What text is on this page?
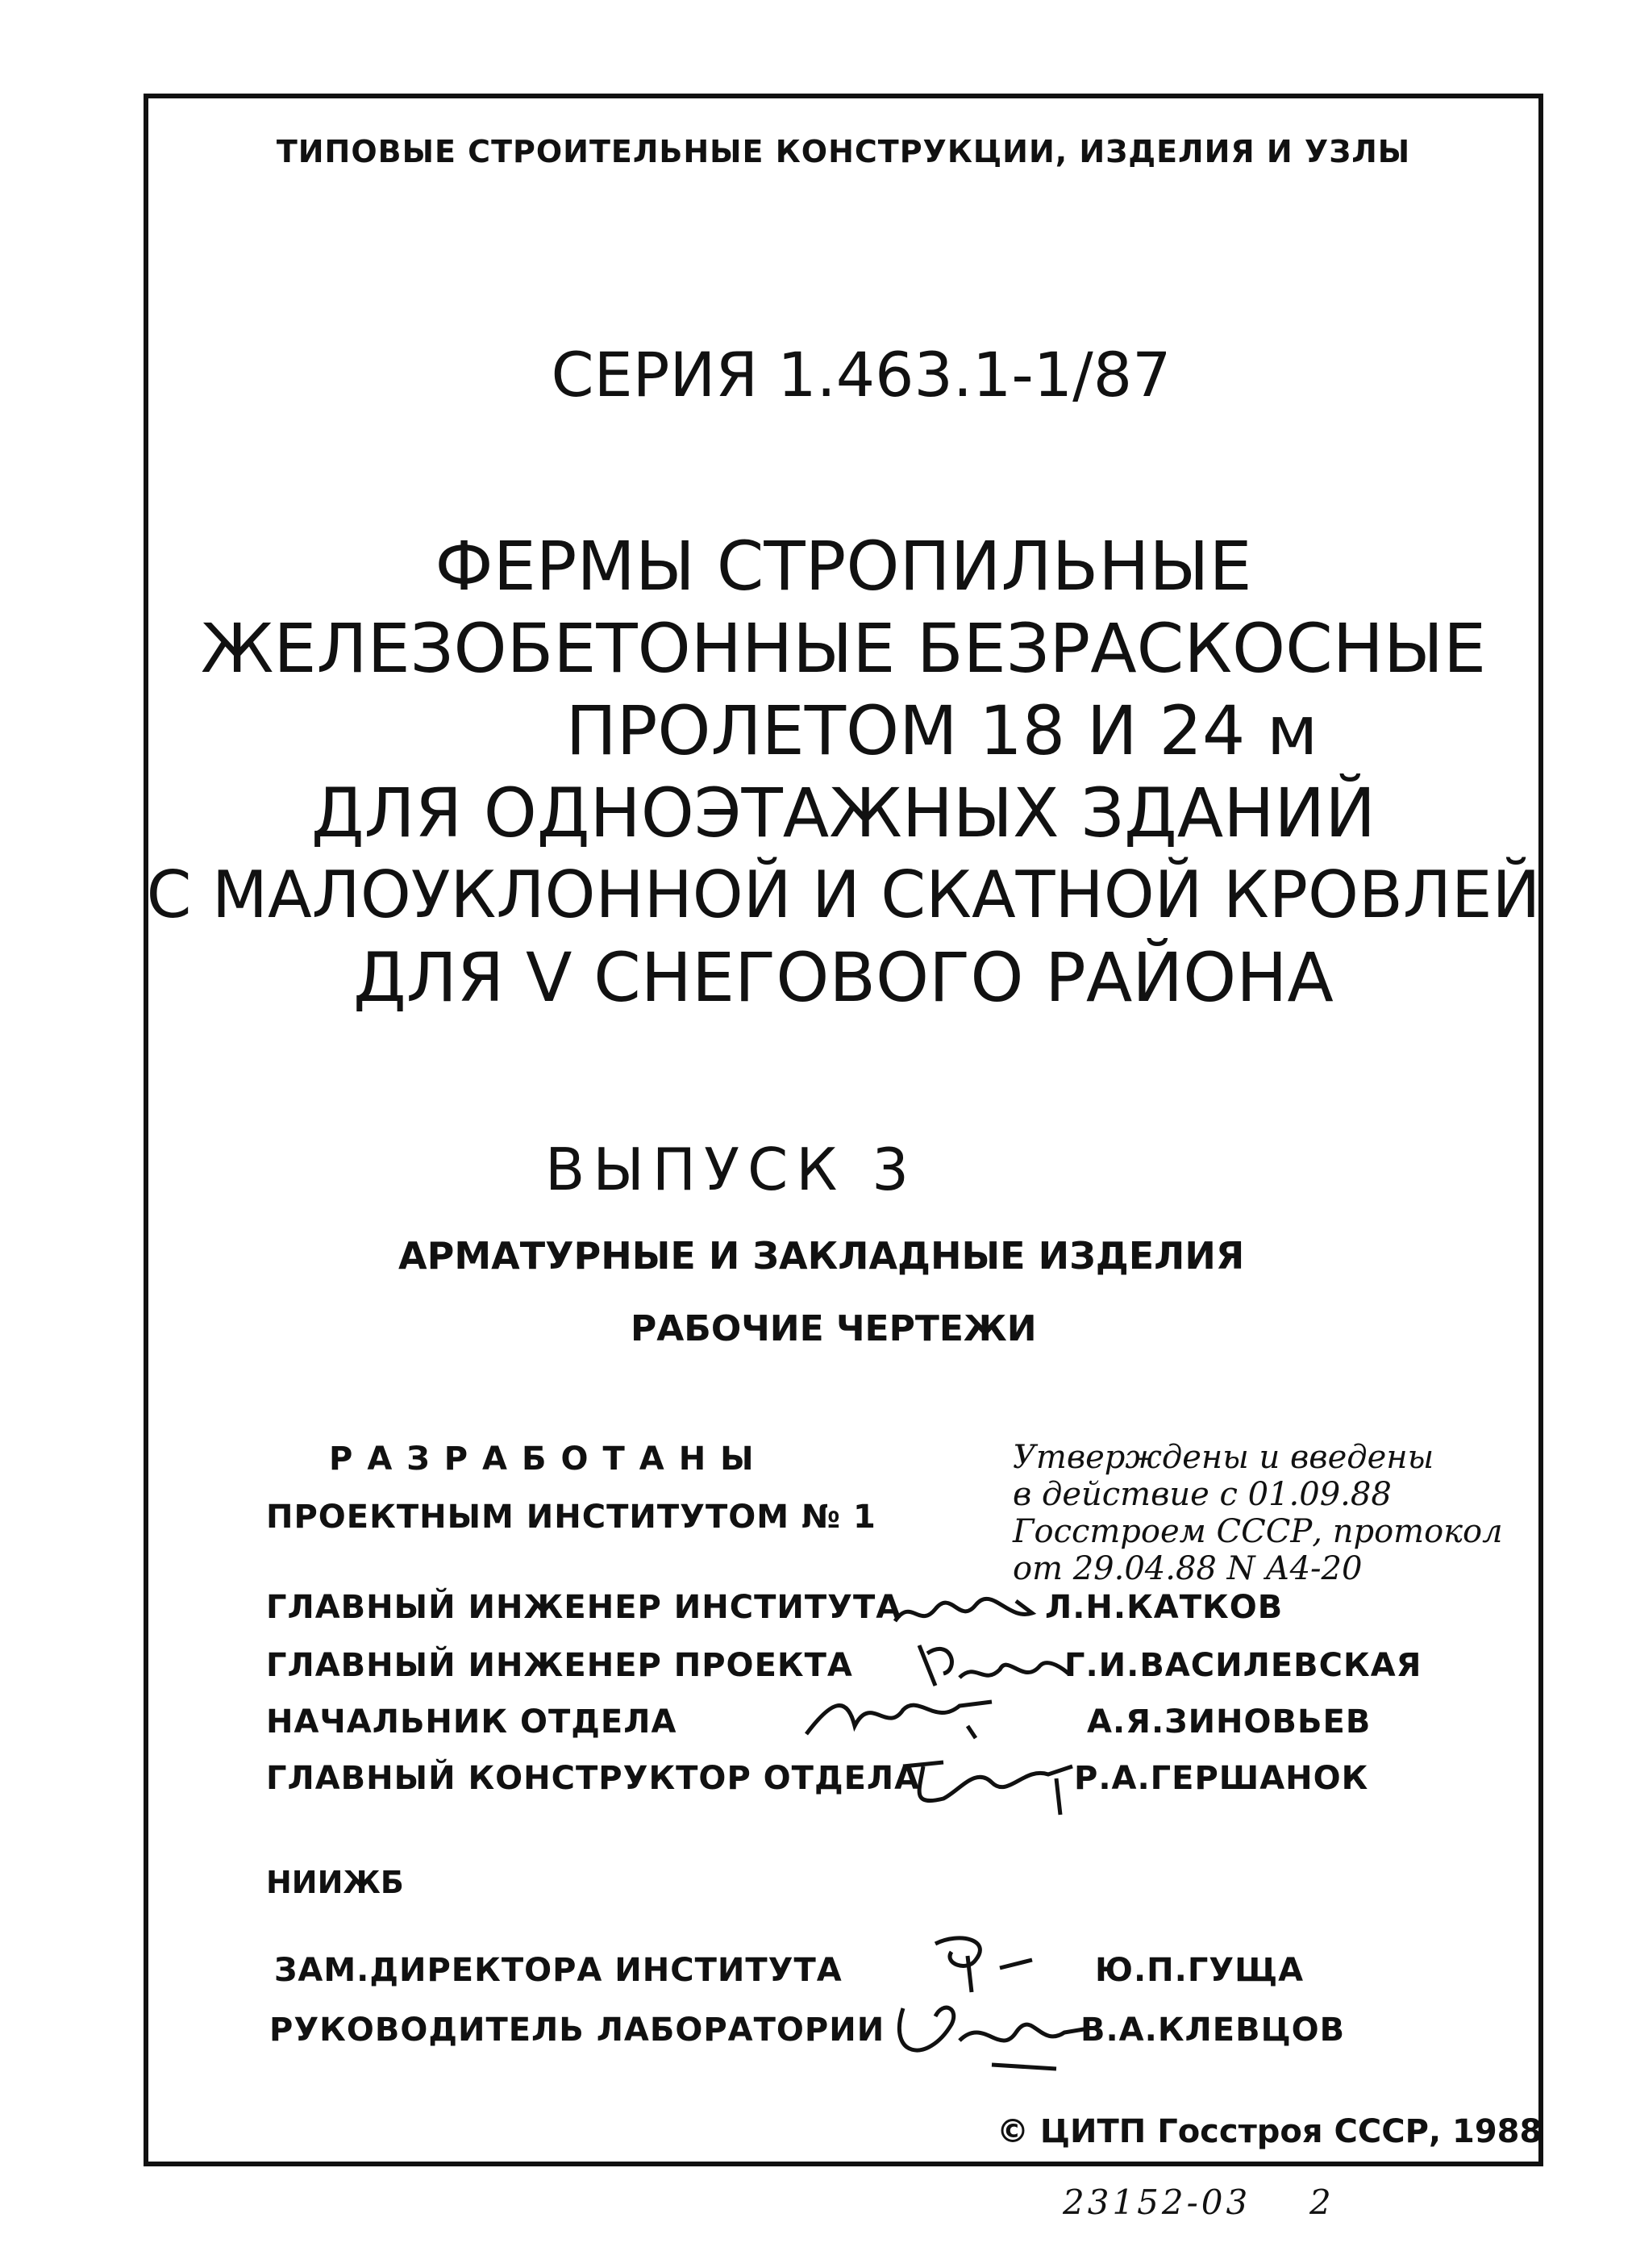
ТИПОВЫЕ СТРОИТЕЛЬНЫЕ КОНСТРУКЦИИ, ИЗДЕЛИЯ И УЗЛЫ
СЕРИЯ 1.463.1-1/87
ФЕРМЫ СТРОПИЛЬНЫЕ
ЖЕЛЕЗОБЕТОННЫЕ БЕЗРАСКОСНЫЕ
ПРОЛЕТОМ 18 И 24 м
ДЛЯ ОДНОЭТАЖНЫХ ЗДАНИЙ
С МАЛОУКЛОННОЙ И СКАТНОЙ КРОВЛЕЙ
ДЛЯ V СНЕГОВОГО РАЙОНА
ВЫПУСК 3
АРМАТУРНЫЕ И ЗАКЛАДНЫЕ ИЗДЕЛИЯ
РАБОЧИЕ ЧЕРТЕЖИ
РАЗРАБОТАНЫ
ПРОЕКТНЫМ ИНСТИТУТОМ № 1
Утверждены и введены
в действие с 01.09.88
Госстроем СССР, протокол
от 29.04.88 N А4-20
ГЛАВНЫЙ ИНЖЕНЕР ИНСТИТУТА	Л.Н.КАТКОВ
ГЛАВНЫЙ ИНЖЕНЕР ПРОЕКТА	Г.И.ВАСИЛЕВСКАЯ
НАЧАЛЬНИК ОТДЕЛА	А.Я.ЗИНОВЬЕВ
ГЛАВНЫЙ КОНСТРУКТОР ОТДЕЛА	Р.А.ГЕРШАНОК
НИИЖБ
ЗАМ.ДИРЕКТОРА ИНСТИТУТА	Ю.П.ГУЩА
РУКОВОДИТЕЛЬ ЛАБОРАТОРИИ	В.А.КЛЕВЦОВ
© ЦИТП Госстроя СССР, 1988
23152-03 2
